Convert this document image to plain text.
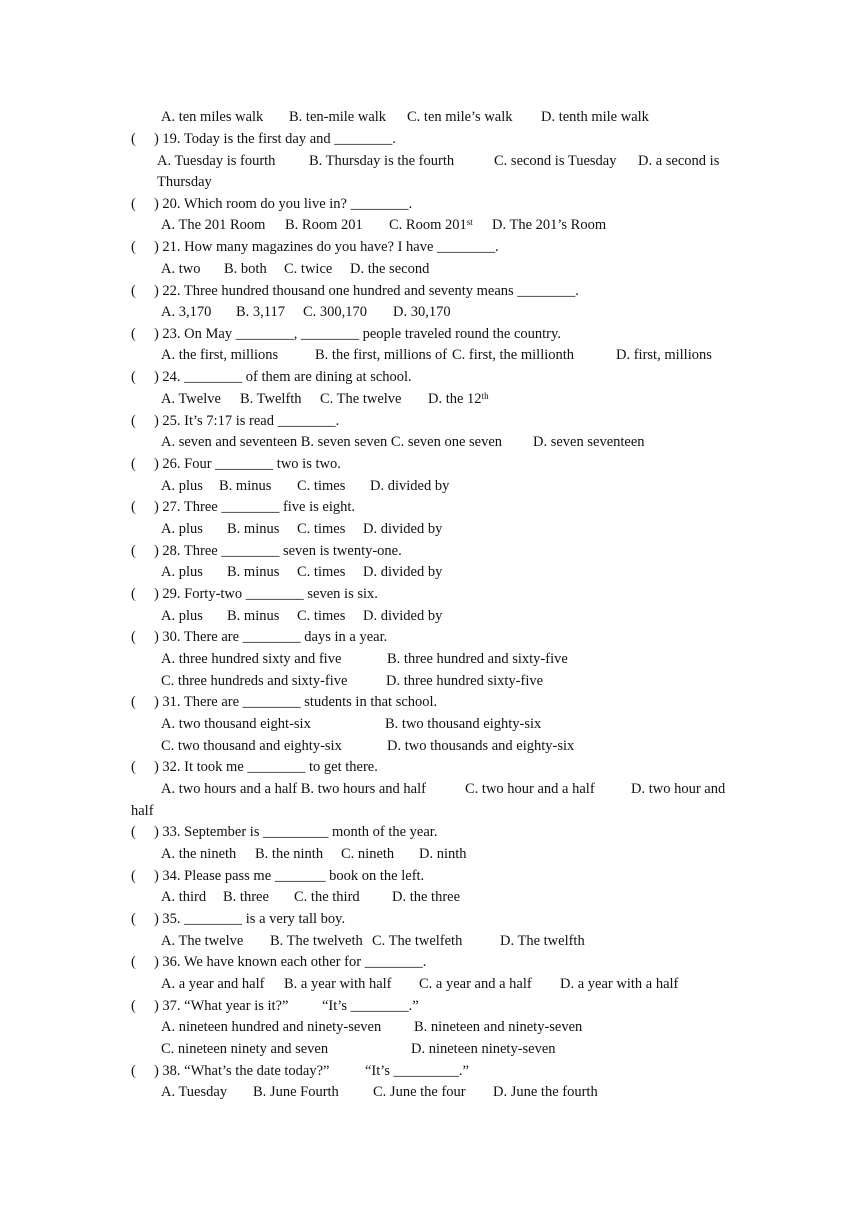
A. ten miles walk B. ten-mile walk C. ten mile’s walk D. tenth mile walk
(     ) 19. Today is the first day and ________.
A. Tuesday is fourth B. Thursday is the fourth	C. second is Tuesday D. a second is
Thursday
(     ) 20. Which room do you live in? ________.
A. The 201 Room B. Room 201 C. Room 201st D. The 201’s Room
(     ) 21. How many magazines do you have? I have ________.
A. two B. both C. twice D. the second
(     ) 22. Three hundred thousand one hundred and seventy means ________.
A. 3,170 B. 3,117 C. 300,170 D. 30,170
(     ) 23. On May ________, ________ people traveled round the country.
A. the first, millions	B. the first, millions of C. first, the millionth	D. first, millions
(     ) 24. ________ of them are dining at school.
A. Twelve B. Twelfth C. The twelve D. the 12th
(     ) 25. It’s 7:17 is read ________.
A. seven and seventeen B. seven seven C. seven one seven D. seven seventeen
(     ) 26. Four ________ two is two.
A. plus B. minus C. times D. divided by
(     ) 27. Three ________ five is eight.
A. plus B. minus C. times D. divided by
(     ) 28. Three ________ seven is twenty-one.
A. plus B. minus C. times D. divided by
(     ) 29. Forty-two ________ seven is six.
A. plus B. minus C. times D. divided by
(     ) 30. There are ________ days in a year.
A. three hundred sixty and five	B. three hundred and sixty-five
C. three hundreds and sixty-five	D. three hundred sixty-five
(     ) 31. There are ________ students in that school.
A. two thousand eight-six	B. two thousand eighty-six
C. two thousand and eighty-six	D. two thousands and eighty-six
(     ) 32. It took me ________ to get there.
A. two hours and a half B. two hours and half	C. two hour and a half	D. two hour and
half
(     ) 33. September is _________ month of the year.
A. the nineth B. the ninth C. nineth D. ninth
(     ) 34. Please pass me _______ book on the left.
A. third B. three C. the third D. the three
(     ) 35. ________ is a very tall boy.
A. The twelve B. The twelveth C. The twelfeth	D. The twelfth
(     ) 36. We have known each other for ________.
A. a year and half B. a year with half C. a year and a half D. a year with a half
(     ) 37. “What year is it?” “It’s ________.”
A. nineteen hundred and ninety-seven B. nineteen and ninety-seven
C. nineteen ninety and seven	D. nineteen ninety-seven
(     ) 38. “What’s the date today?” “It’s _________.”
A. Tuesday B. June Fourth C. June the four D. June the fourth
